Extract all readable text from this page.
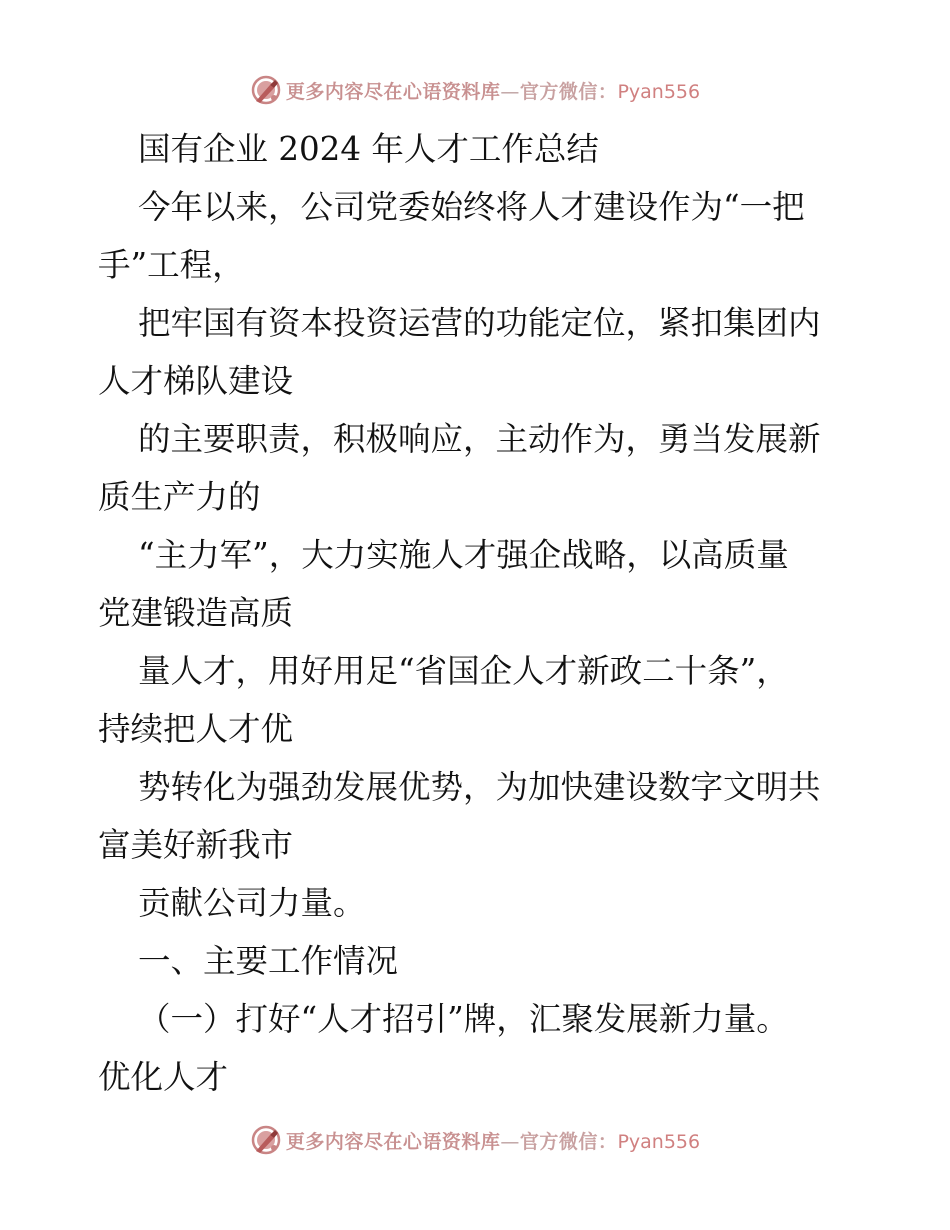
更多内容尽在心语资料库—官方微信：Pyan556

国有企业 2024 年人才工作总结

今年以来，公司党委始终将人才建设作为“一把

手”工程，

把牢国有资本投资运营的功能定位，紧扣集团内

人才梯队建设

的主要职责，积极响应，主动作为，勇当发展新

质生产力的

“主力军”，大力实施人才强企战略，以高质量

党建锻造高质

量人才，用好用足“省国企人才新政二十条”，

持续把人才优

势转化为强劲发展优势，为加快建设数字文明共

富美好新我市

贡献公司力量。

一、主要工作情况

（一）打好“人才招引”牌，汇聚发展新力量。

优化人才

更多内容尽在心语资料库—官方微信：Pyan556
